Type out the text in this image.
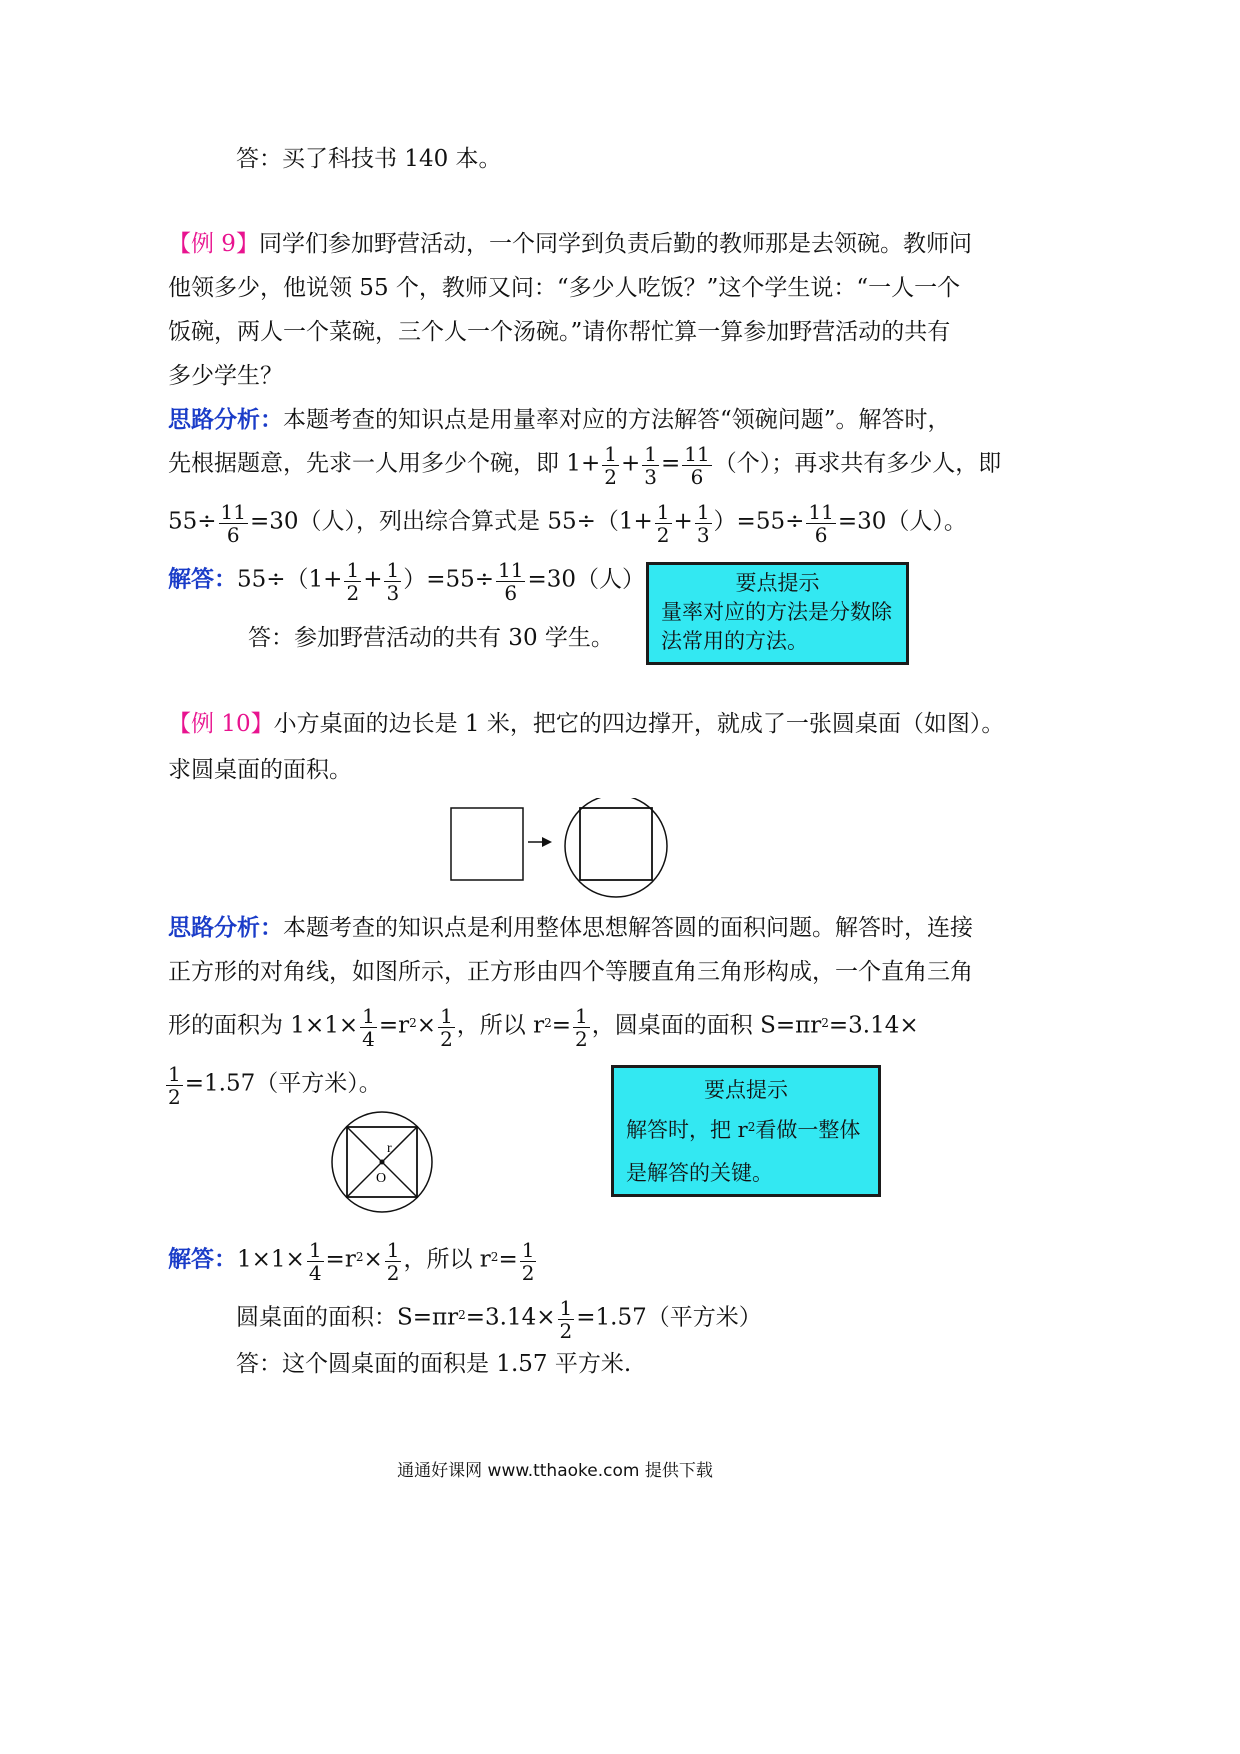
答：买了科技书 140 本。
【例 9】同学们参加野营活动，一个同学到负责后勤的教师那是去领碗。教师问
他领多少，他说领 55 个，教师又问：“多少人吃饭？”这个学生说：“一人一个
饭碗，两人一个菜碗，三个人一个汤碗。”请你帮忙算一算参加野营活动的共有
多少学生？
思路分析：本题考查的知识点是用量率对应的方法解答“领碗问题”。解答时，
先根据题意，先求一人用多少个碗，即 $1+ \frac{1}{2} + \frac{1}{3} = \frac{11}{6}$ （个）；再求共有多少人，即
$55\div \frac{11}{6} =30$（人），列出综合算式是 $55\div(1+ \frac{1}{2} + \frac{1}{3} )=55\div \frac{11}{6} =30$（人）。
解答：$55\div(1+ \frac{1}{2} + \frac{1}{3} )=55\div \frac{11}{6} =30$（人）
答：参加野营活动的共有 30 学生。
要点提示
量率对应的方法是分数除法常用的方法。
【例 10】小方桌面的边长是 1 米，把它的四边撑开，就成了一张圆桌面（如图）。
求圆桌面的面积。
思路分析：本题考查的知识点是利用整体思想解答圆的面积问题。解答时，连接
正方形的对角线，如图所示，正方形由四个等腰直角三角形构成，一个直角三角
形的面积为 $1\times 1\times \frac{1}{4} =r^2\times \frac{1}{2}$ ，所以 $r^2= \frac{1}{2}$ ，圆桌面的面积 $S=\pi r^2=3.14\times$
$\frac{1}{2} =1.57$（平方米）。
r
O
要点提示
解答时，把 $r^2$看做一整体
是解答的关键。
解答：$1\times 1\times \frac{1}{4} =r^2\times \frac{1}{2}$ ，所以 $r^2= \frac{1}{2}$
圆桌面的面积：$S=\pi r^2=3.14\times \frac{1}{2} =1.57$（平方米）
答：这个圆桌面的面积是 1.57 平方米.
通通好课网 www.tthaoke.com 提供下载
